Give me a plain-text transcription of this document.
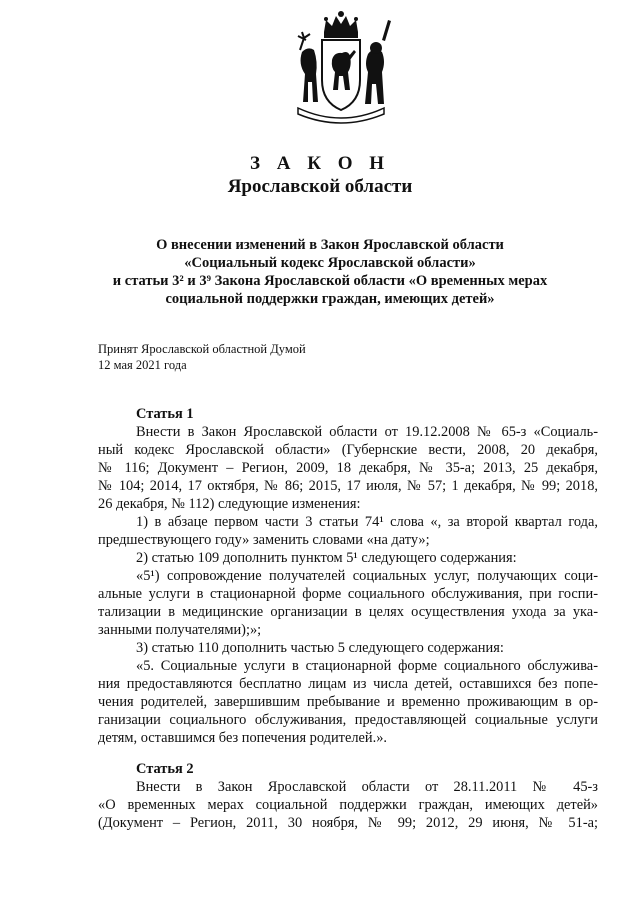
З А К О Н
Ярославской области
О внесении изменений в Закон Ярославской области
«Социальный кодекс Ярославской области»
и статьи 3² и 3⁹ Закона Ярославской области «О временных мерах
социальной поддержки граждан, имеющих детей»
Принят Ярославской областной Думой
12 мая 2021 года
Статья 1
Внести в Закон Ярославской области от 19.12.2008 № 65-з «Социаль-
ный кодекс Ярославской области» (Губернские вести, 2008, 20 декабря,
№ 116; Документ – Регион, 2009, 18 декабря, № 35-а; 2013, 25 декабря,
№ 104; 2014, 17 октября, № 86; 2015, 17 июля, № 57; 1 декабря, № 99; 2018,
26 декабря, № 112) следующие изменения:
1) в абзаце первом части 3 статьи 74¹ слова «, за второй квартал года,
предшествующего году» заменить словами «на дату»;
2) статью 109 дополнить пунктом 5¹ следующего содержания:
«5¹) сопровождение получателей социальных услуг, получающих соци-
альные услуги в стационарной форме социального обслуживания, при госпи-
тализации в медицинские организации в целях осуществления ухода за ука-
занными получателями);»;
3) статью 110 дополнить частью 5 следующего содержания:
«5. Социальные услуги в стационарной форме социального обслужива-
ния предоставляются бесплатно лицам из числа детей, оставшихся без попе-
чения родителей, завершившим пребывание и временно проживающим в ор-
ганизации социального обслуживания, предоставляющей социальные услуги
детям, оставшимся без попечения родителей.».
Статья 2
Внести в Закон Ярославской области от 28.11.2011 № 45-з
«О временных мерах социальной поддержки граждан, имеющих детей»
(Документ – Регион, 2011, 30 ноября, № 99; 2012, 29 июня, № 51-а;
